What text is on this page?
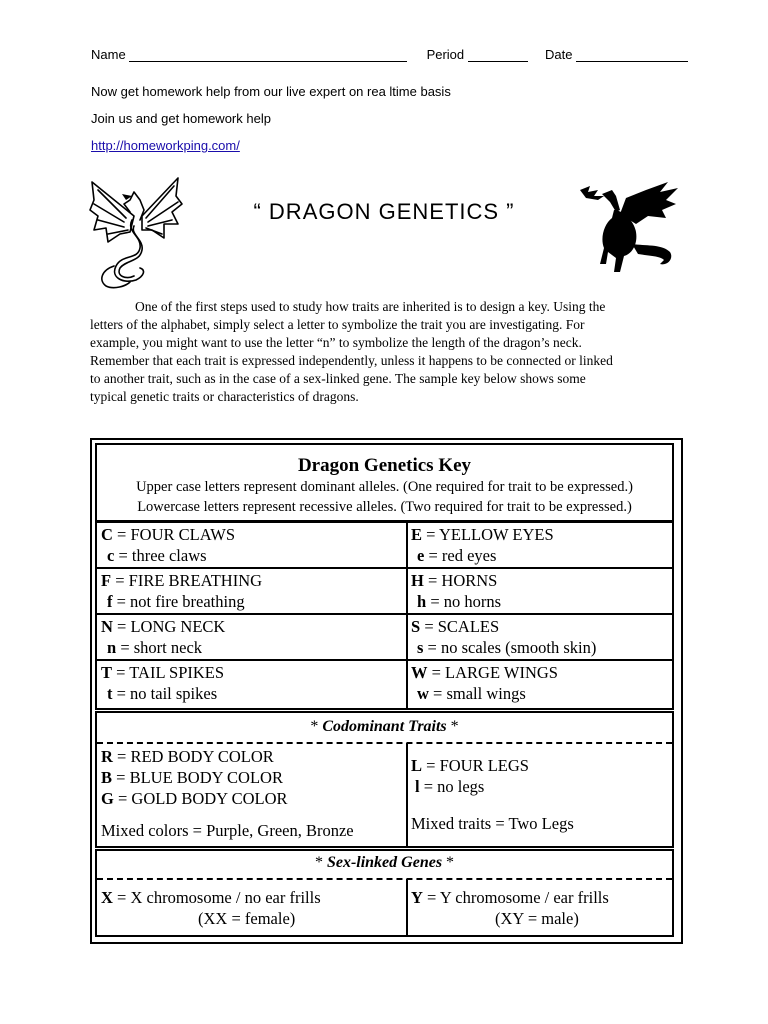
Name	Period	Date
Now get homework help from our live expert on rea ltime basis
Join us and get homework help
http://homeworkping.com/
“ DRAGON GENETICS ”
One of the first steps used to study how traits are inherited is to design a key. Using the
letters of the alphabet, simply select a letter to symbolize the trait you are investigating. For
example, you might want to use the letter “n” to symbolize the length of the dragon’s neck.
Remember that each trait is expressed independently, unless it happens to be connected or linked
to another trait, such as in the case of a sex-linked gene. The sample key below shows some
typical genetic traits or characteristics of dragons.
Dragon Genetics Key
Upper case letters represent dominant alleles. (One required for trait to be expressed.)
Lowercase letters represent recessive alleles. (Two required for trait to be expressed.)
C = FOUR CLAWS
c = three claws
E = YELLOW EYES
e = red eyes
F = FIRE BREATHING
f = not fire breathing
H = HORNS
h = no horns
N = LONG NECK
n = short neck
S = SCALES
s = no scales (smooth skin)
T = TAIL SPIKES
t = no tail spikes
W = LARGE WINGS
w = small wings
* Codominant Traits *
R = RED BODY COLOR
B = BLUE BODY COLOR
G = GOLD BODY COLOR
Mixed colors = Purple, Green, Bronze
L = FOUR LEGS
l = no legs
Mixed traits = Two Legs
* Sex-linked Genes *
X = X chromosome / no ear frills
(XX = female)
Y = Y chromosome / ear frills
(XY = male)
